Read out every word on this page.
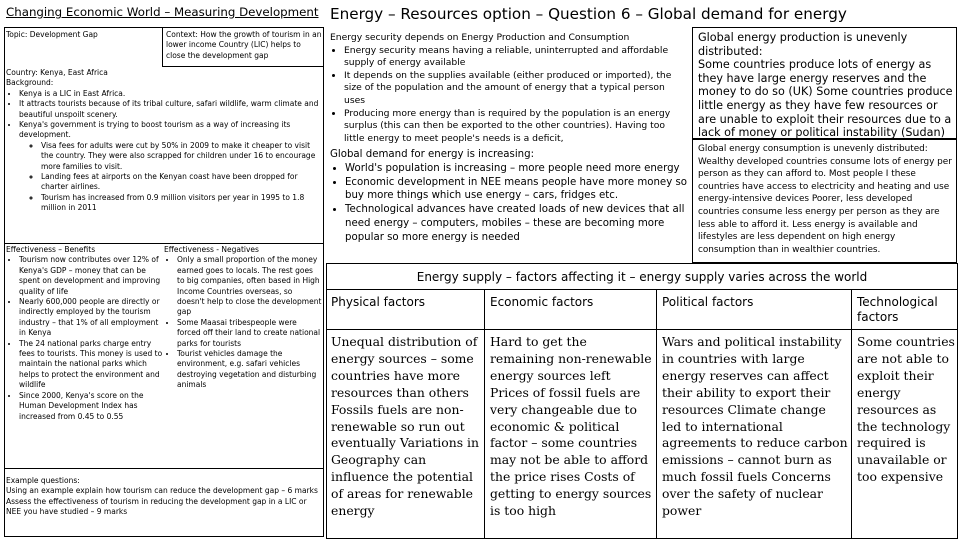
Changing Economic World – Measuring Development Energy – Resources option – Question 6 – Global demand for energy
Topic: Development Gap	Context: How the growth of tourism in an lower income Country (LIC) helps to close the development gap
Country: Kenya, East Africa
Background:
• Kenya is a LIC in East Africa.
• It attracts tourists because of its tribal culture, safari wildlife, warm climate and beautiful unspoilt scenery.
• Kenya's government is trying to boost tourism as a way of increasing its development.
◦ Visa fees for adults were cut by 50% in 2009 to make it cheaper to visit the country. They were also scrapped for children under 16 to encourage more families to visit.
◦ Landing fees at airports on the Kenyan coast have been dropped for charter airlines.
◦ Tourism has increased from 0.9 million visitors per year in 1995 to 1.8 million in 2011
Effectiveness – Benefits
• Tourism now contributes over 12% of Kenya's GDP – money that can be spent on development and improving quality of life
• Nearly 600,000 people are directly or indirectly employed by the tourism industry – that 1% of all employment in Kenya
• The 24 national parks charge entry fees to tourists. This money is used to maintain the national parks which helps to protect the environment and wildlife
• Since 2000, Kenya's score on the Human Development Index has increased from 0.45 to 0.55
Effectiveness - Negatives
• Only a small proportion of the money earned goes to locals. The rest goes to big companies, often based in High Income Countries overseas, so doesn't help to close the development gap
• Some Maasai tribespeople were forced off their land to create national parks for tourists
• Tourist vehicles damage the environment, e.g. safari vehicles destroying vegetation and disturbing animals
Example questions:
Using an example explain how tourism can reduce the development gap – 6 marks
Assess the effectiveness of tourism in reducing the development gap in a LIC or NEE you have studied – 9 marks
Energy security depends on Energy Production and Consumption
• Energy security means having a reliable, uninterrupted and affordable supply of energy available
• It depends on the supplies available (either produced or imported), the size of the population and the amount of energy that a typical person uses
• Producing more energy than is required by the population is an energy surplus (this can then be exported to the other countries). Having too little energy to meet people's needs is a deficit,
Global demand for energy is increasing:
• World's population is increasing – more people need more energy
• Economic development in NEE means people have more money so buy more things which use energy – cars, fridges etc.
• Technological advances have created loads of new devices that all need energy – computers, mobiles – these are becoming more popular so more energy is needed
Global energy production is unevenly distributed:
Some countries produce lots of energy as they have large energy reserves and the money to do so (UK) Some countries produce little energy as they have few resources or are unable to exploit their resources due to a lack of money or political instability (Sudan)
Global energy consumption is unevenly distributed:
Wealthy developed countries consume lots of energy per person as they can afford to. Most people I these countries have access to electricity and heating and use energy-intensive devices Poorer, less developed countries consume less energy per person as they are less able to afford it. Less energy is available and lifestyles are less dependent on high energy consumption than in wealthier countries.
Energy supply – factors affecting it – energy supply varies across the world
Physical factors	Economic factors	Political factors	Technological factors
Unequal distribution of energy sources – some countries have more resources than others Fossils fuels are non-renewable so run out eventually Variations in Geography can influence the potential of areas for renewable energy
Hard to get the remaining non-renewable energy sources left Prices of fossil fuels are very changeable due to economic & political factor – some countries may not be able to afford the price rises Costs of getting to energy sources is too high
Wars and political instability in countries with large energy reserves can affect their ability to export their resources Climate change led to international agreements to reduce carbon emissions – cannot burn as much fossil fuels Concerns over the safety of nuclear power
Some countries are not able to exploit their energy resources as the technology required is unavailable or too expensive
